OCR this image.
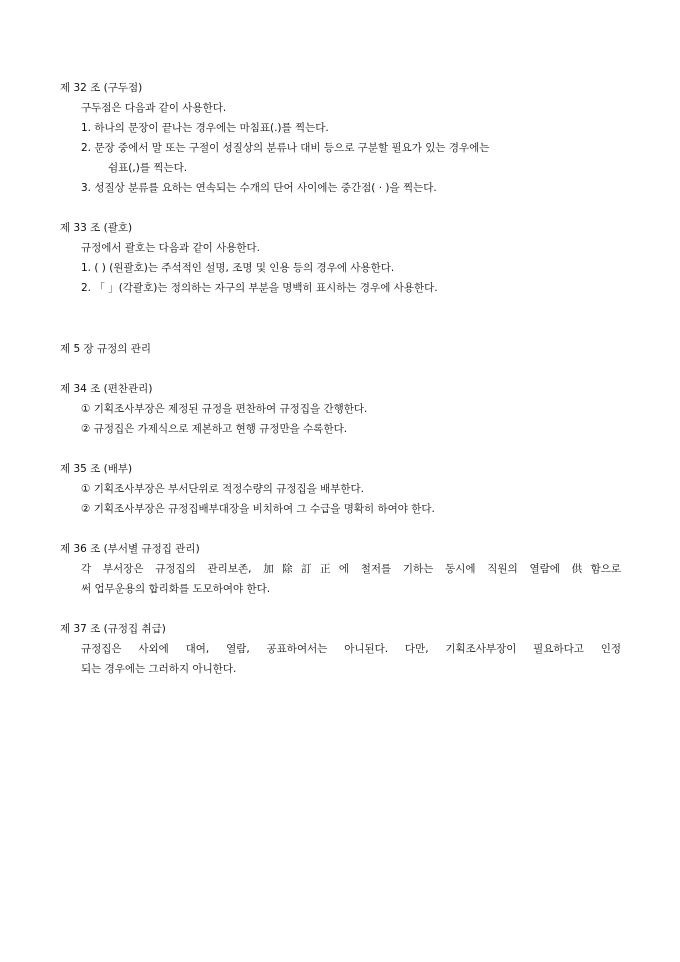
제 32 조 (구두점)
구두점은 다음과 같이 사용한다.
1. 하나의 문장이 끝나는 경우에는 마침표(.)를 찍는다.
2. 문장 중에서 말 또는 구절이 성질상의 분류나 대비 등으로 구분할 필요가 있는 경우에는
쉼표(,)를 찍는다.
3. 성질상 분류를 요하는 연속되는 수개의 단어 사이에는 중간점( · )을 찍는다.
제 33 조 (괄호)
규정에서 괄호는 다음과 같이 사용한다.
1. ( ) (원괄호)는 주석적인 설명, 조명 및 인용 등의 경우에 사용한다.
2. 「 」(각괄호)는 정의하는 자구의 부분을 명백히 표시하는 경우에 사용한다.
제 5 장 규정의 관리
제 34 조 (편찬관리)
① 기획조사부장은 제정된 규정을 편찬하여 규정집을 간행한다.
② 규정집은 가제식으로 제본하고 현행 규정만을 수록한다.
제 35 조 (배부)
① 기획조사부장은 부서단위로 적정수량의 규정집을 배부한다.
② 기획조사부장은 규정집배부대장을 비치하여 그 수급을 명확히 하여야 한다.
제 36 조 (부서별 규정집 관리)
각 부서장은 규정집의 관리보존, 加除訂正에 철저를 기하는 동시에 직원의 열람에 供함으로
써 업무운용의 합리화를 도모하여야 한다.
제 37 조 (규정집 취급)
규정집은 사외에 대여, 열람, 공표하여서는 아니된다. 다만, 기획조사부장이 필요하다고 인정
되는 경우에는 그러하지 아니한다.
